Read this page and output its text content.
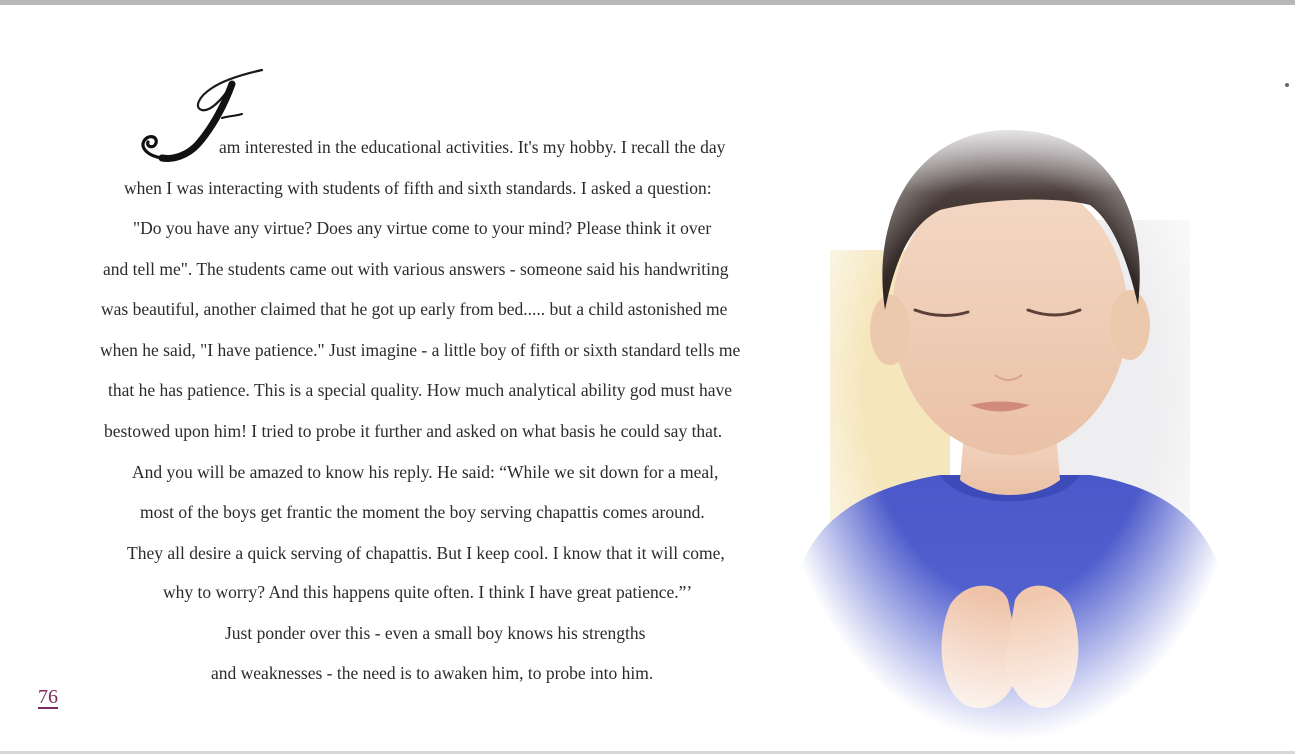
am interested in the educational activities. It's my hobby. I recall the day
when I was interacting with students of fifth and sixth standards. I asked a question:
"Do you have any virtue? Does any virtue come to your mind? Please think it over
and tell me". The students came out with various answers - someone said his handwriting
was beautiful, another claimed that he got up early from bed..... but a child astonished me
when he said, "I have patience." Just imagine - a little boy of fifth or sixth standard tells me
that he has patience. This is a special quality. How much analytical ability god must have
bestowed upon him! I tried to probe it further and asked on what basis he could say that.
And you will be amazed to know his reply. He said: “While we sit down for a meal,
most of the boys get frantic the moment the boy serving chapattis comes around.
They all desire a quick serving of chapattis. But I keep cool. I know that it will come,
why to worry? And this happens quite often. I think I have great patience.”’
Just ponder over this - even a small boy knows his strengths
and weaknesses - the need is to awaken him, to probe into him.
76
